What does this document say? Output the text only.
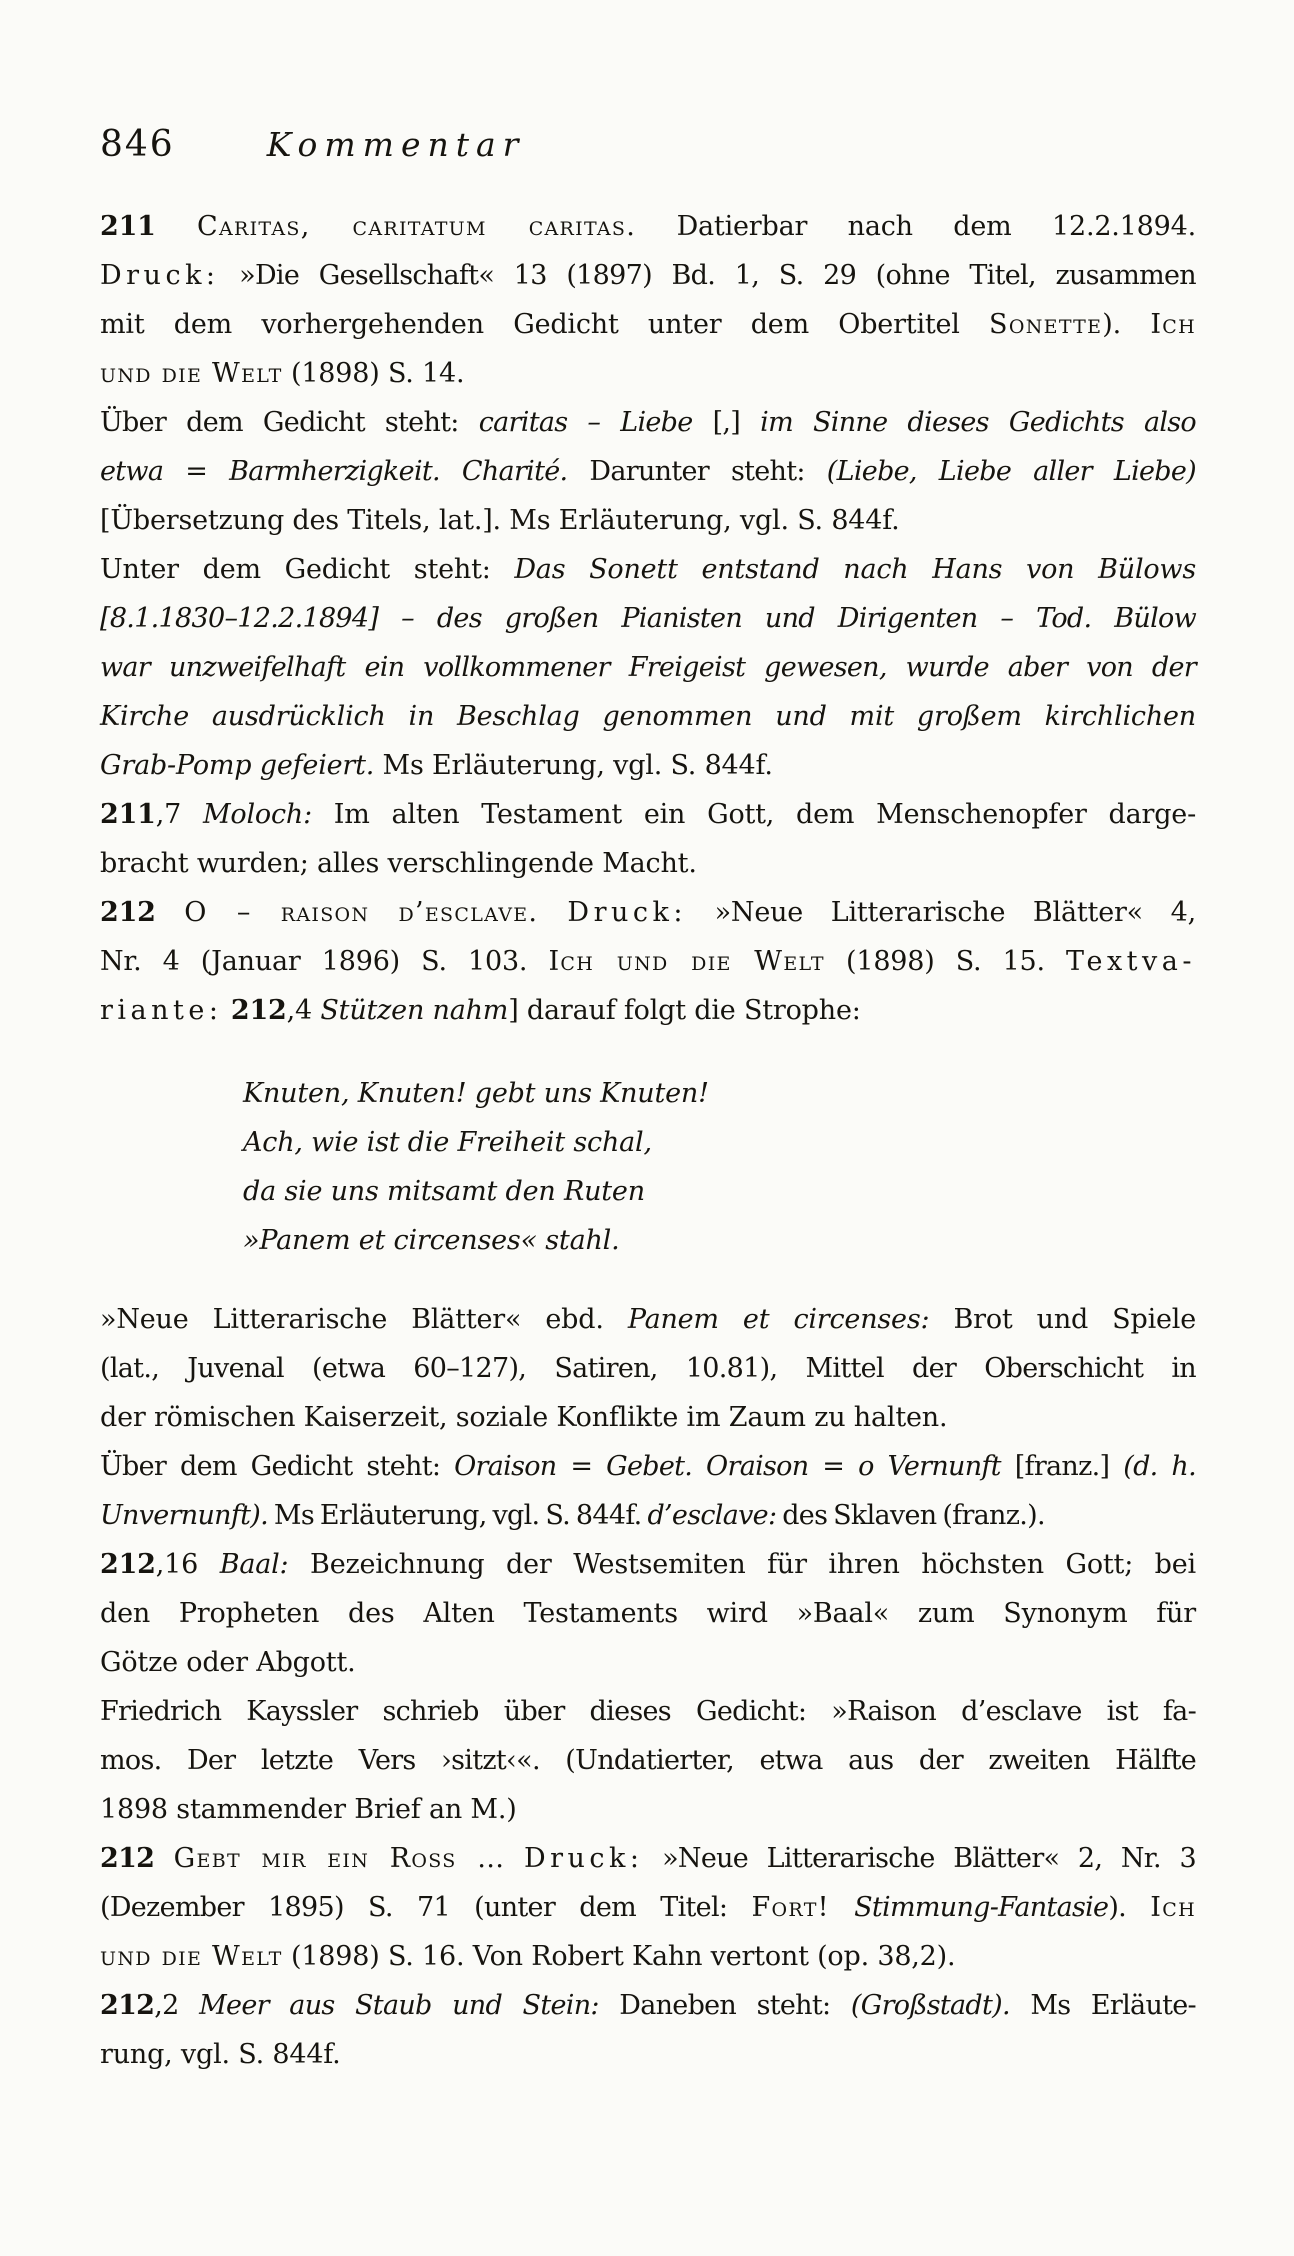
846	Kommentar
211 Caritas, caritatum caritas. Datierbar nach dem 12.2.1894.
Druck: »Die Gesellschaft« 13 (1897) Bd. 1, S. 29 (ohne Titel, zusammen
mit dem vorhergehenden Gedicht unter dem Obertitel Sonette). Ich
und die Welt (1898) S. 14.
Über dem Gedicht steht: caritas – Liebe [,] im Sinne dieses Gedichts also
etwa = Barmherzigkeit. Charité. Darunter steht: (Liebe, Liebe aller Liebe)
[Übersetzung des Titels, lat.]. Ms Erläuterung, vgl. S. 844f.
Unter dem Gedicht steht: Das Sonett entstand nach Hans von Bülows
[8.1.1830–12.2.1894] – des großen Pianisten und Dirigenten – Tod. Bülow
war unzweifelhaft ein vollkommener Freigeist gewesen, wurde aber von der
Kirche ausdrücklich in Beschlag genommen und mit großem kirchlichen
Grab-Pomp gefeiert. Ms Erläuterung, vgl. S. 844f.
211,7 Moloch: Im alten Testament ein Gott, dem Menschenopfer darge-
bracht wurden; alles verschlingende Macht.
212 O – raison d’esclave. Druck: »Neue Litterarische Blätter« 4,
Nr. 4 (Januar 1896) S. 103. Ich und die Welt (1898) S. 15. Textva-
riante: 212,4 Stützen nahm] darauf folgt die Strophe:
Knuten, Knuten! gebt uns Knuten!
Ach, wie ist die Freiheit schal,
da sie uns mitsamt den Ruten
»Panem et circenses« stahl.
»Neue Litterarische Blätter« ebd. Panem et circenses: Brot und Spiele
(lat., Juvenal (etwa 60–127), Satiren, 10.81), Mittel der Oberschicht in
der römischen Kaiserzeit, soziale Konflikte im Zaum zu halten.
Über dem Gedicht steht: Oraison = Gebet. Oraison = o Vernunft [franz.] (d. h.
Unvernunft). Ms Erläuterung, vgl. S. 844f. d’esclave: des Sklaven (franz.).
212,16 Baal: Bezeichnung der Westsemiten für ihren höchsten Gott; bei
den Propheten des Alten Testaments wird »Baal« zum Synonym für
Götze oder Abgott.
Friedrich Kayssler schrieb über dieses Gedicht: »Raison d’esclave ist fa-
mos. Der letzte Vers ›sitzt‹«. (Undatierter, etwa aus der zweiten Hälfte
1898 stammender Brief an M.)
212 Gebt mir ein Ross … Druck: »Neue Litterarische Blätter« 2, Nr. 3
(Dezember 1895) S. 71 (unter dem Titel: Fort! Stimmung-Fantasie). Ich
und die Welt (1898) S. 16. Von Robert Kahn vertont (op. 38,2).
212,2 Meer aus Staub und Stein: Daneben steht: (Großstadt). Ms Erläute-
rung, vgl. S. 844f.
